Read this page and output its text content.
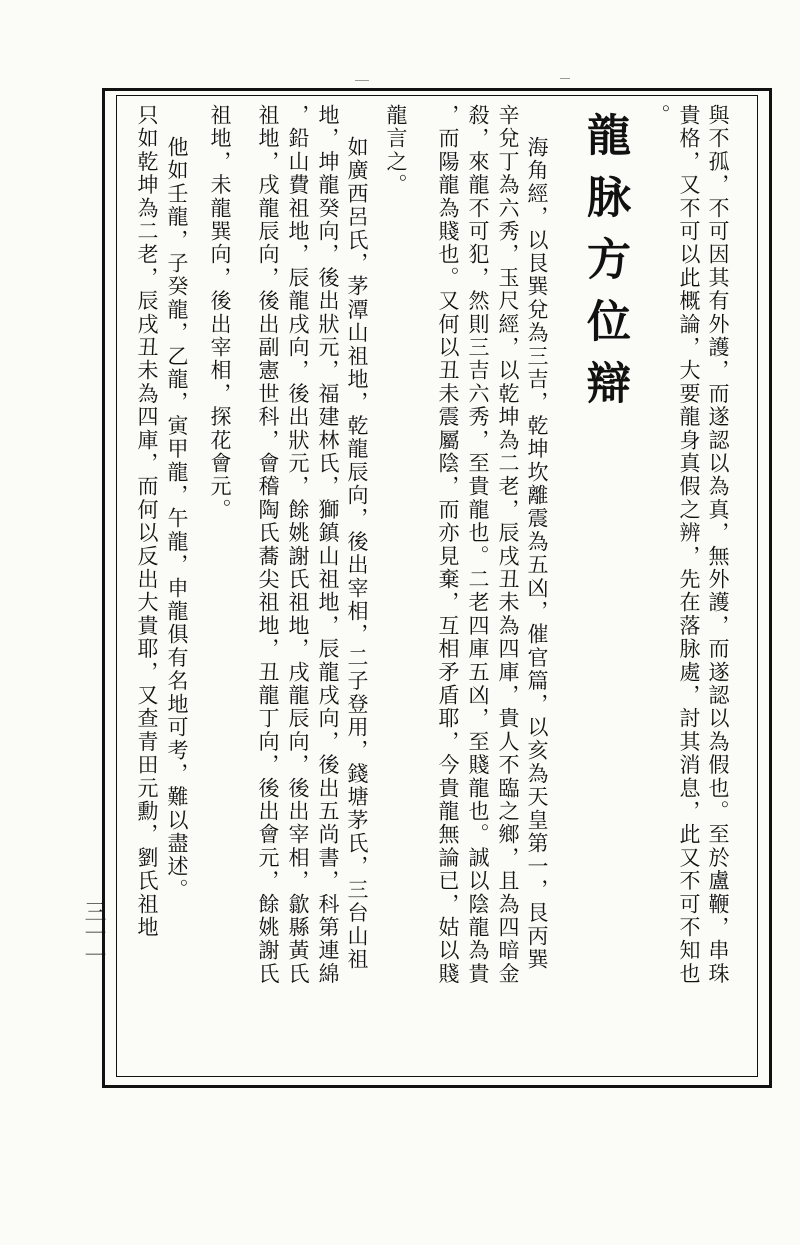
與不孤，不可因其有外護，而遂認以為真，無外護，而遂認以為假也。至於盧鞭，串珠
貴格，又不可以此概論，大要龍身真假之辨，先在落脉處，討其消息，此又不可不知也
。
龍脉方位辯
海角經，以艮巽兌為三吉，乾坤坎離震為五凶，催官篇，以亥為天皇第一，艮丙巽
辛兌丁為六秀，玉尺經，以乾坤為二老，辰戌丑未為四庫，貴人不臨之鄉，且為四暗金
殺，來龍不可犯，然則三吉六秀，至貴龍也。二老四庫五凶，至賤龍也。誠以陰龍為貴
，而陽龍為賤也。又何以丑未震屬陰，而亦見棄，互相矛盾耶，今貴龍無論已，姑以賤
龍言之。
如廣西呂氏，茅潭山祖地，乾龍辰向，後出宰相，二子登用，錢塘茅氏，三台山祖
地，坤龍癸向，後出狀元，福建林氏，獅鎮山祖地，辰龍戌向，後出五尚書，科第連綿
，鉛山費祖地，辰龍戌向，後出狀元，餘姚謝氏祖地，戌龍辰向，後出宰相，歙縣黃氏
祖地，戌龍辰向，後出副憲世科，會稽陶氏蕎尖祖地，丑龍丁向，後出會元，餘姚謝氏
祖地，未龍巽向，後出宰相，探花會元。
他如壬龍，子癸龍，乙龍，寅甲龍，午龍，申龍俱有名地可考，難以盡述。
只如乾坤為二老，辰戌丑未為四庫，而何以反出大貴耶，又查青田元勳，劉氏祖地
三一一
